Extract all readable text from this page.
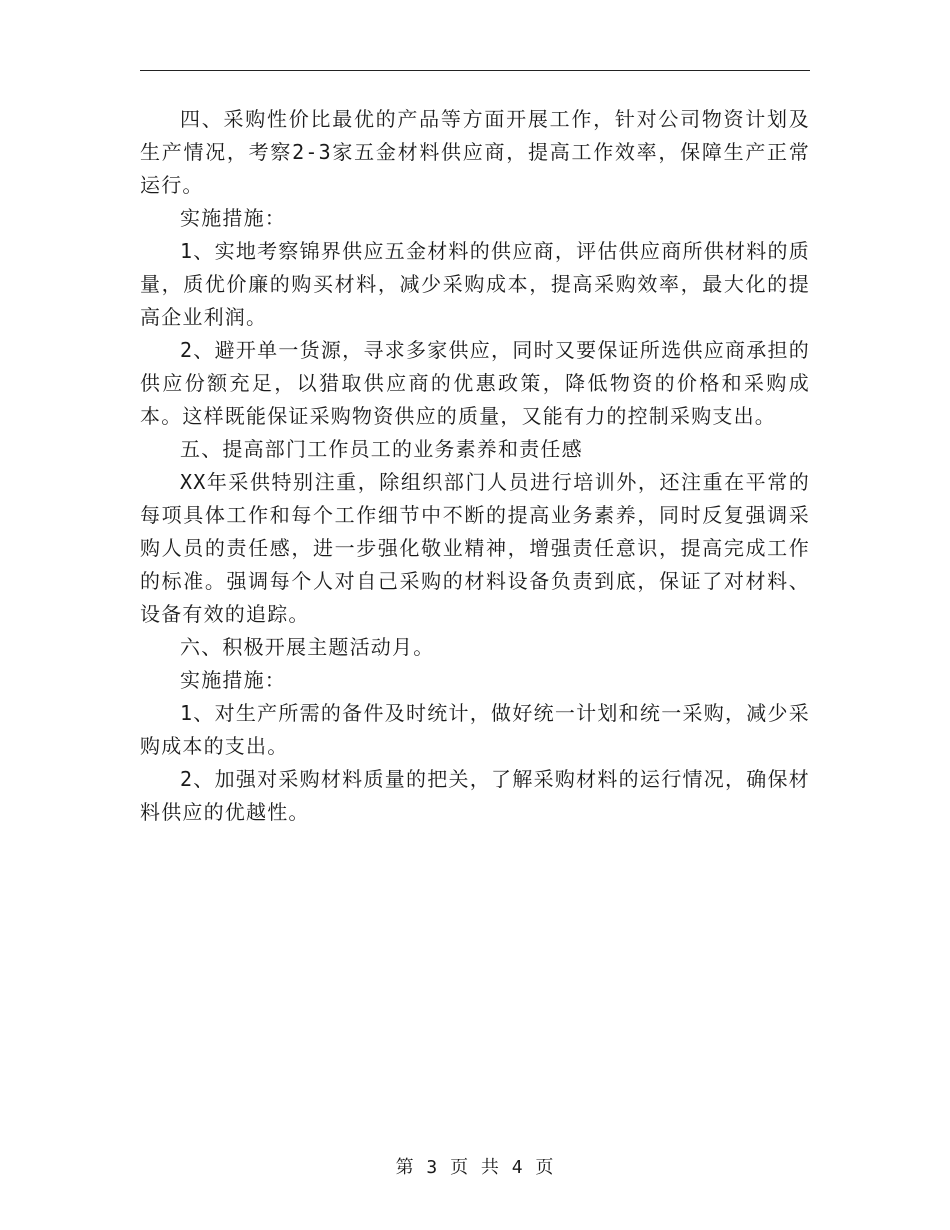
四、采购性价比最优的产品等方面开展工作，针对公司物资计划及生产情况，考察2-3家五金材料供应商，提高工作效率，保障生产正常运行。

实施措施：

1、实地考察锦界供应五金材料的供应商，评估供应商所供材料的质量，质优价廉的购买材料，减少采购成本，提高采购效率，最大化的提高企业利润。

2、避开单一货源，寻求多家供应，同时又要保证所选供应商承担的供应份额充足，以猎取供应商的优惠政策，降低物资的价格和采购成本。这样既能保证采购物资供应的质量，又能有力的控制采购支出。

五、提高部门工作员工的业务素养和责任感

XX年采供特别注重，除组织部门人员进行培训外，还注重在平常的每项具体工作和每个工作细节中不断的提高业务素养，同时反复强调采购人员的责任感，进一步强化敬业精神，增强责任意识，提高完成工作的标准。强调每个人对自己采购的材料设备负责到底，保证了对材料、设备有效的追踪。

六、积极开展主题活动月。

实施措施：

1、对生产所需的备件及时统计，做好统一计划和统一采购，减少采购成本的支出。

2、加强对采购材料质量的把关，了解采购材料的运行情况，确保材料供应的优越性。

第 3 页 共 4 页
